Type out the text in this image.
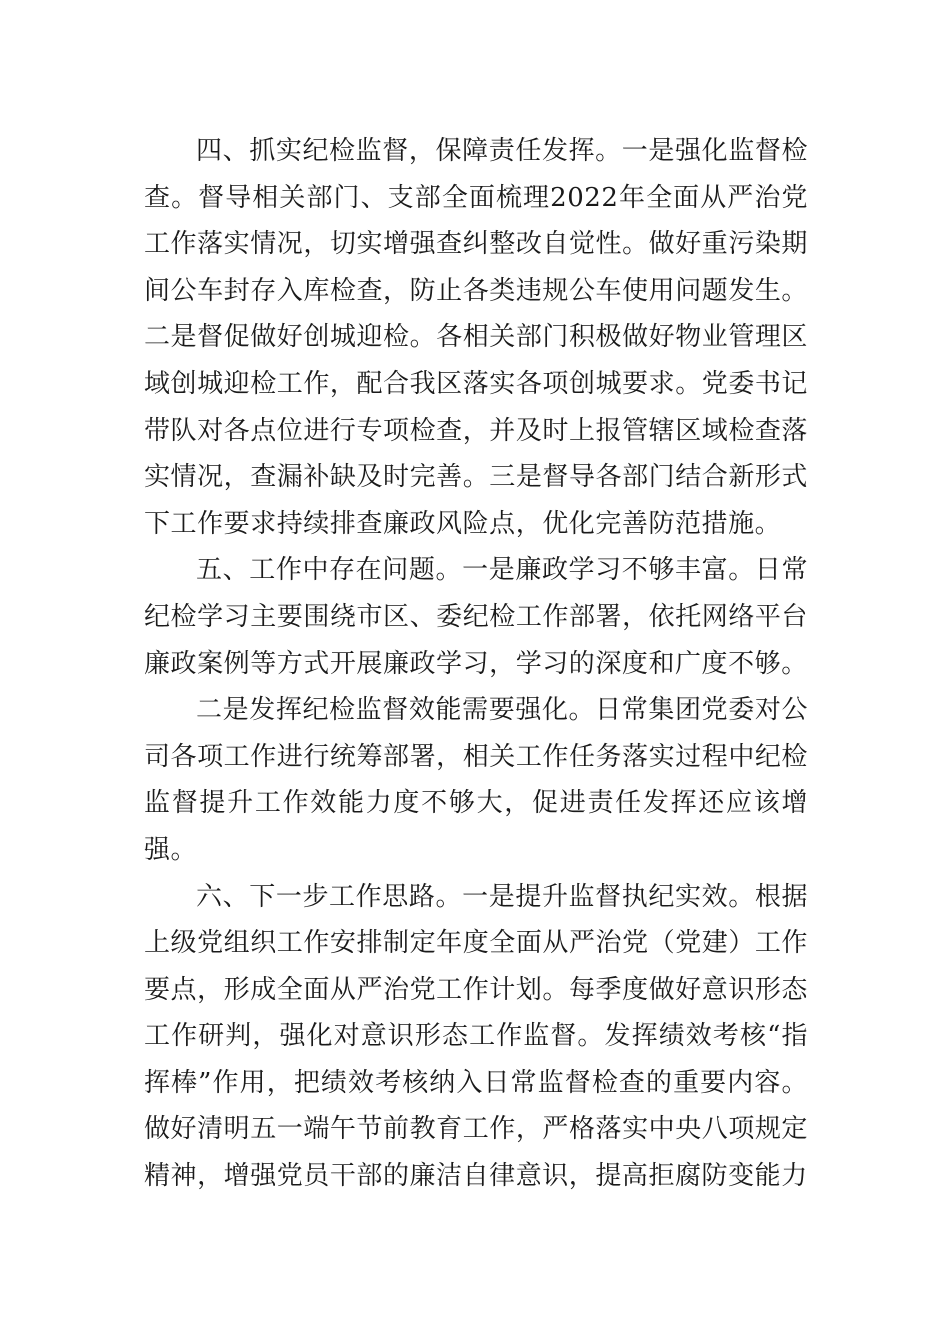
四、抓实纪检监督，保障责任发挥。一是强化监督检查。督导相关部门、支部全面梳理2022年全面从严治党工作落实情况，切实增强查纠整改自觉性。做好重污染期间公车封存入库检查，防止各类违规公车使用问题发生。二是督促做好创城迎检。各相关部门积极做好物业管理区域创城迎检工作，配合我区落实各项创城要求。党委书记带队对各点位进行专项检查，并及时上报管辖区域检查落实情况，查漏补缺及时完善。三是督导各部门结合新形式下工作要求持续排查廉政风险点，优化完善防范措施。

五、工作中存在问题。一是廉政学习不够丰富。日常纪检学习主要围绕市区、委纪检工作部署，依托网络平台廉政案例等方式开展廉政学习，学习的深度和广度不够。

二是发挥纪检监督效能需要强化。日常集团党委对公司各项工作进行统筹部署，相关工作任务落实过程中纪检监督提升工作效能力度不够大，促进责任发挥还应该增强。

六、下一步工作思路。一是提升监督执纪实效。根据上级党组织工作安排制定年度全面从严治党（党建）工作要点，形成全面从严治党工作计划。每季度做好意识形态工作研判，强化对意识形态工作监督。发挥绩效考核“指挥棒”作用，把绩效考核纳入日常监督检查的重要内容。做好清明五一端午节前教育工作，严格落实中央八项规定精神，增强党员干部的廉洁自律意识，提高拒腐防变能力
